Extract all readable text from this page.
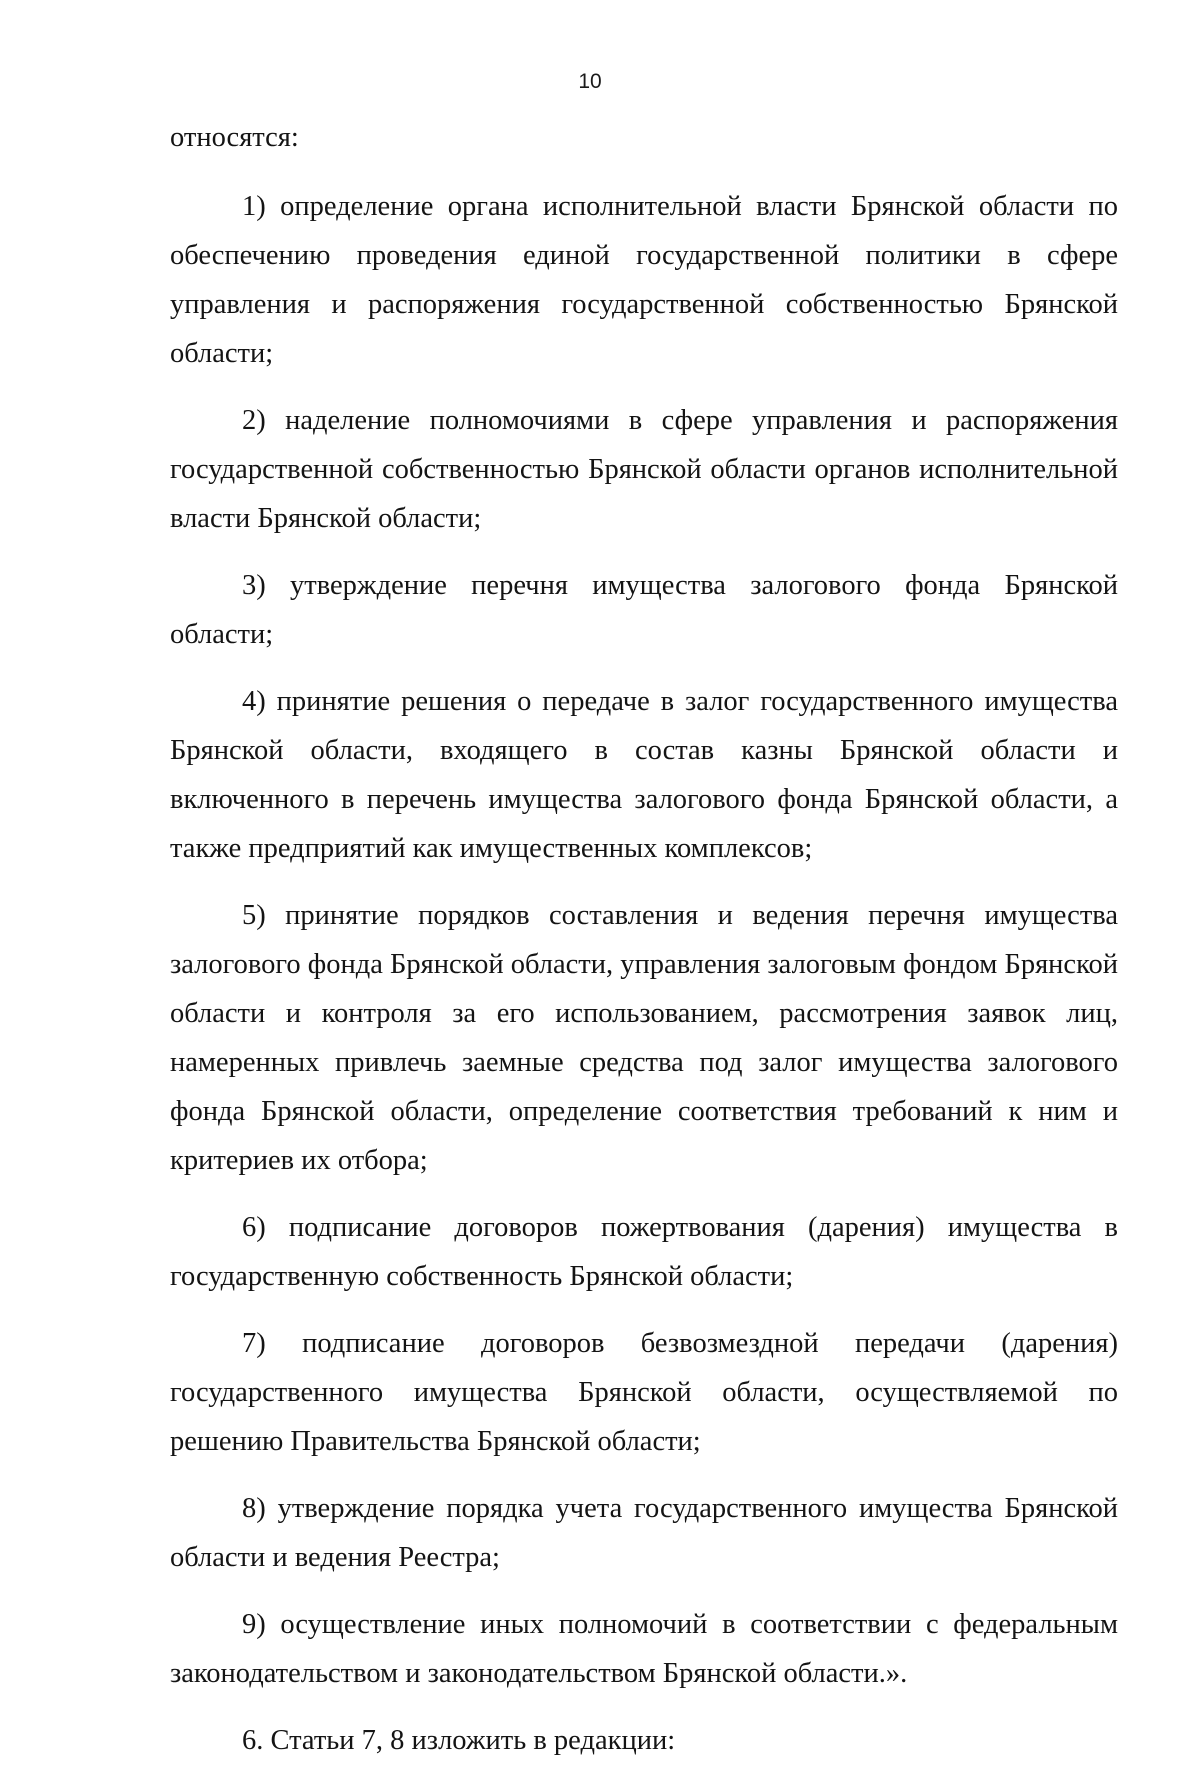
10

относятся:

1) определение органа исполнительной власти Брянской области по обеспечению проведения единой государственной политики в сфере управления и распоряжения государственной собственностью Брянской области;

2) наделение полномочиями в сфере управления и распоряжения государственной собственностью Брянской области органов исполнительной власти Брянской области;

3) утверждение перечня имущества залогового фонда Брянской области;

4) принятие решения о передаче в залог государственного имущества Брянской области, входящего в состав казны Брянской области и включенного в перечень имущества залогового фонда Брянской области, а также предприятий как имущественных комплексов;

5) принятие порядков составления и ведения перечня имущества залогового фонда Брянской области, управления залоговым фондом Брянской области и контроля за его использованием, рассмотрения заявок лиц, намеренных привлечь заемные средства под залог имущества залогового фонда Брянской области, определение соответствия требований к ним и критериев их отбора;

6) подписание договоров пожертвования (дарения) имущества в государственную собственность Брянской области;

7) подписание договоров безвозмездной передачи (дарения) государственного имущества Брянской области, осуществляемой по решению Правительства Брянской области;

8) утверждение порядка учета государственного имущества Брянской области и ведения Реестра;

9) осуществление иных полномочий в соответствии с федеральным законодательством и законодательством Брянской области.».

6. Статьи 7, 8 изложить в редакции:
